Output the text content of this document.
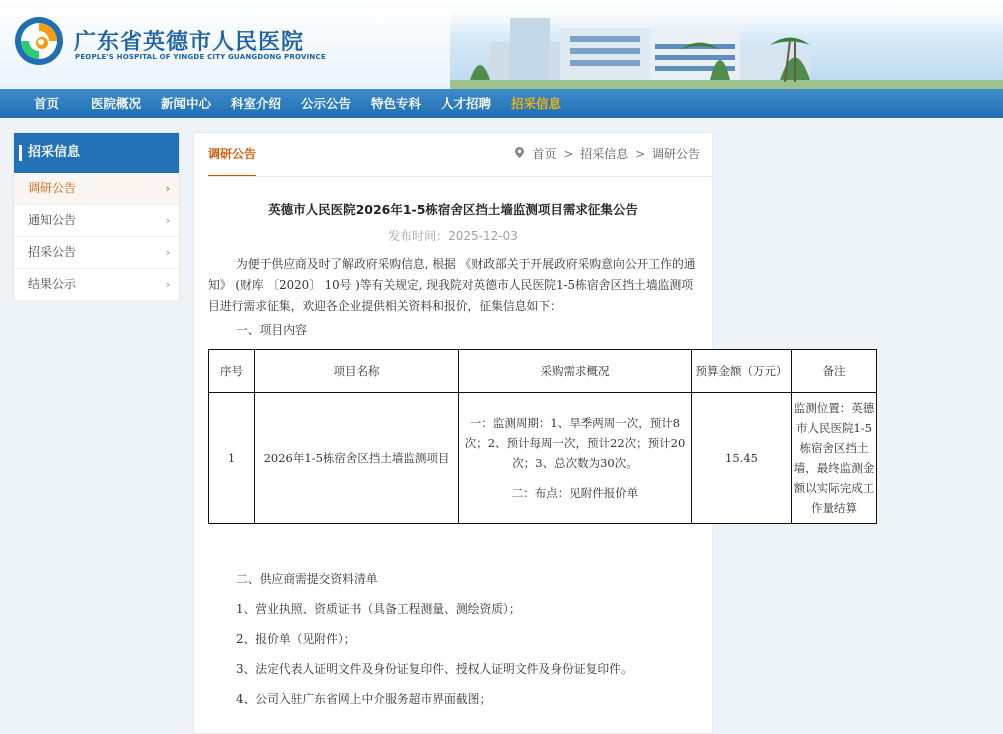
广东省英德市人民医院
PEOPLE'S HOSPITAL OF YINGDE CITY GUANGDONG PROVINCE
首页	医院概况 新闻中心 科室介绍 公示公告 特色专科 人才招聘 招采信息
招采信息
调研公告	›
通知公告	›
招采公告	›
结果公示	›
调研公告	首页 > 招采信息 > 调研公告
英德市人民医院2026年1-5栋宿舍区挡土墙监测项目需求征集公告
发布时间：2025-12-03
为便于供应商及时了解政府采购信息, 根据 《财政部关于开展政府采购意向公开工作的通知》 (财库 〔2020〕 10号 )等有关规定, 现我院对英德市人民医院1-5栋宿舍区挡土墙监测项目进行需求征集，欢迎各企业提供相关资料和报价，征集信息如下：
一、项目内容
二、供应商需提交资料清单
1、营业执照、资质证书（具备工程测量、测绘资质）；
2、报价单（见附件）；
3、法定代表人证明文件及身份证复印件、授权人证明文件及身份证复印件。
4、公司入驻广东省网上中介服务超市界面截图；
序号	项目名称	采购需求概况	预算金额（万元）	备注
1	2026年1-5栋宿舍区挡土墙监测项目	一：监测周期：1、旱季两周一次，预计8次；2、预计每周一次，预计22次；预计20次；3、总次数为30次。

二：布点：见附件报价单	15.45	监测位置：英德市人民医院1-5栋宿舍区挡土墙，最终监测金额以实际完成工作量结算
